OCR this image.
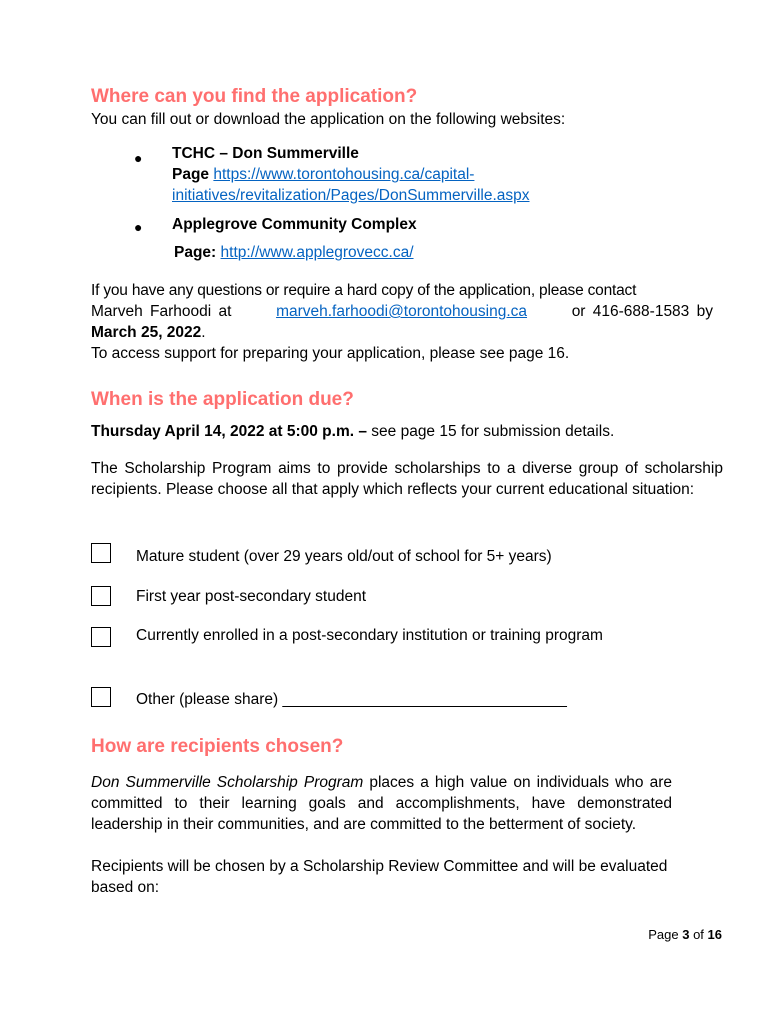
Where can you find the application?

You can fill out or download the application on the following websites:

● TCHC – Don Summerville
Page https://www.torontohousing.ca/capital-
initiatives/revitalization/Pages/DonSummerville.aspx
● Applegrove Community Complex
Page: http://www.applegrovecc.ca/

If you have any questions or require a hard copy of the application, please contact

Marveh Farhoodi at	marveh.farhoodi@torontohousing.ca	or 416-688-1583 by

March 25, 2022.

To access support for preparing your application, please see page 16.

When is the application due?

Thursday April 14, 2022 at 5:00 p.m. – see page 15 for submission details.

The Scholarship Program aims to provide scholarships to a diverse group of scholarship recipients. Please choose all that apply which reflects your current educational situation:

Mature student (over 29 years old/out of school for 5+ years)
First year post-secondary student
Currently enrolled in a post-secondary institution or training program
Other (please share) _________________________________
How are recipients chosen?

Don Summerville Scholarship Program places a high value on individuals who are committed to their learning goals and accomplishments, have demonstrated leadership in their communities, and are committed to the betterment of society.

Recipients will be chosen by a Scholarship Review Committee and will be evaluated based on:

Page 3 of 16
